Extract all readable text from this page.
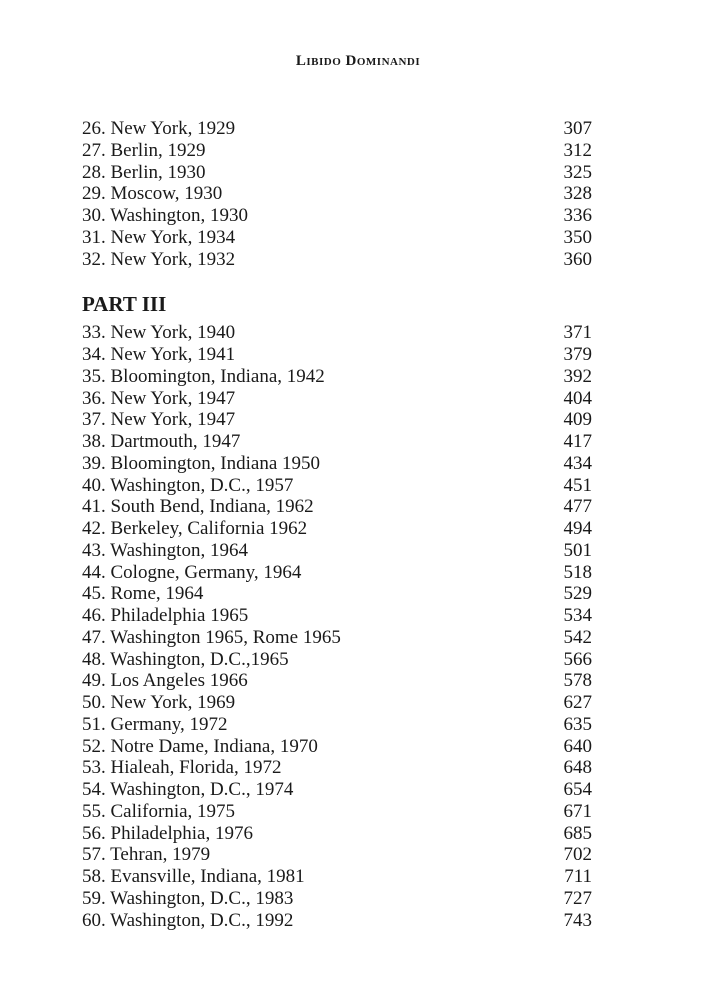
Libido Dominandi
26. New York, 1929	307
27. Berlin, 1929	312
28. Berlin, 1930	325
29. Moscow, 1930	328
30. Washington, 1930	336
31. New York, 1934	350
32. New York, 1932	360
PART III
33. New York, 1940	371
34. New York, 1941	379
35. Bloomington, Indiana, 1942	392
36. New York, 1947	404
37. New York, 1947	409
38. Dartmouth, 1947	417
39. Bloomington, Indiana 1950	434
40. Washington, D.C., 1957	451
41. South Bend, Indiana, 1962	477
42. Berkeley, California 1962	494
43. Washington, 1964	501
44. Cologne, Germany, 1964	518
45. Rome, 1964	529
46. Philadelphia 1965	534
47. Washington 1965, Rome 1965	542
48. Washington, D.C.,1965	566
49. Los Angeles 1966	578
50. New York, 1969	627
51. Germany, 1972	635
52. Notre Dame, Indiana, 1970	640
53. Hialeah, Florida, 1972	648
54. Washington, D.C., 1974	654
55. California, 1975	671
56. Philadelphia, 1976	685
57. Tehran, 1979	702
58. Evansville, Indiana, 1981	711
59. Washington, D.C., 1983	727
60. Washington, D.C., 1992	743
